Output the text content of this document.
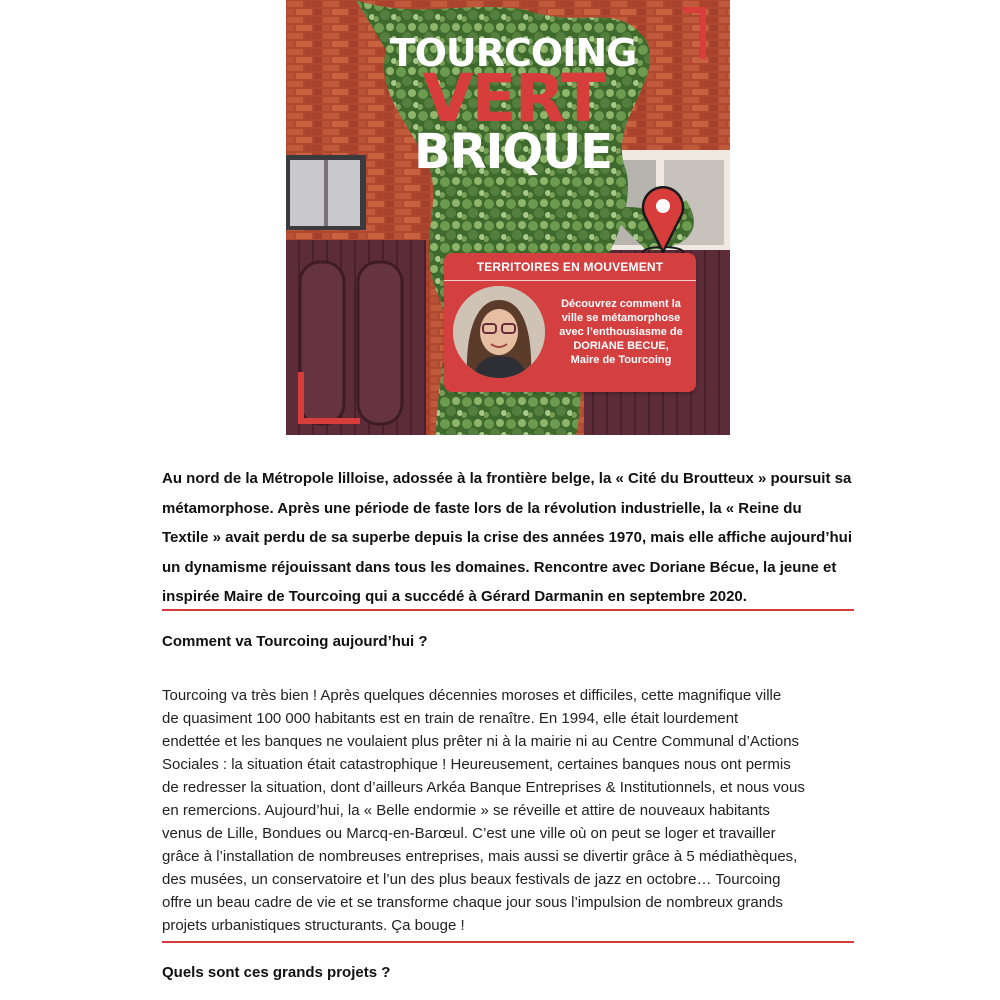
TOURCOING
VERT
BRIQUE
TERRITOIRES EN MOUVEMENT
Découvrez comment la
ville se métamorphose
avec l’enthousiasme de
DORIANE BECUE,
Maire de Tourcoing
Au nord de la Métropole lilloise, adossée à la frontière belge, la « Cité du Broutteux » poursuit sa
métamorphose. Après une période de faste lors de la révolution industrielle, la « Reine du
Textile » avait perdu de sa superbe depuis la crise des années 1970, mais elle affiche aujourd’hui
un dynamisme réjouissant dans tous les domaines. Rencontre avec Doriane Bécue, la jeune et
inspirée Maire de Tourcoing qui a succédé à Gérard Darmanin en septembre 2020.
Comment va Tourcoing aujourd’hui ?
Tourcoing va très bien ! Après quelques décennies moroses et difficiles, cette magnifique ville
de quasiment 100 000 habitants est en train de renaître. En 1994, elle était lourdement
endettée et les banques ne voulaient plus prêter ni à la mairie ni au Centre Communal d’Actions
Sociales : la situation était catastrophique ! Heureusement, certaines banques nous ont permis
de redresser la situation, dont d’ailleurs Arkéa Banque Entreprises & Institutionnels, et nous vous
en remercions. Aujourd’hui, la « Belle endormie » se réveille et attire de nouveaux habitants
venus de Lille, Bondues ou Marcq-en-Barœul. C’est une ville où on peut se loger et travailler
grâce à l’installation de nombreuses entreprises, mais aussi se divertir grâce à 5 médiathèques,
des musées, un conservatoire et l’un des plus beaux festivals de jazz en octobre… Tourcoing
offre un beau cadre de vie et se transforme chaque jour sous l’impulsion de nombreux grands
projets urbanistiques structurants. Ça bouge !
Quels sont ces grands projets ?
